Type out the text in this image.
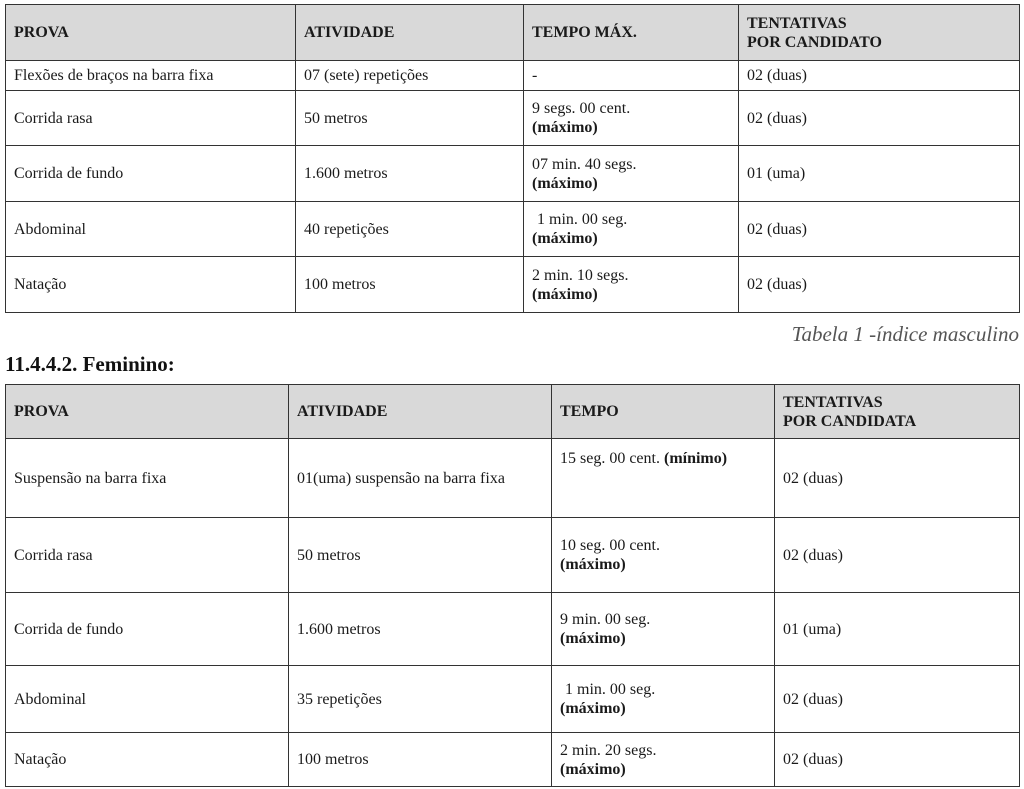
PROVA	ATIVIDADE	TEMPO MÁX.	TENTATIVAS
POR CANDIDATO

Flexões de braços na barra fixa	07 (sete) repetições	-	02 (duas)
Corrida rasa	50 metros	9 segs. 00 cent.
(máximo)	02 (duas)
Corrida de fundo	1.600 metros	07 min. 40 segs.
(máximo)	01 (uma)
Abdominal	40 repetições	1 min. 00 seg.
(máximo)	02 (duas)
Natação	100 metros	2 min. 10 segs.
(máximo)	02 (duas)
Tabela 1 -índice masculino
11.4.4.2. Feminino:
PROVA	ATIVIDADE	TEMPO	TENTATIVAS
POR CANDIDATA

Suspensão na barra fixa	01(uma) suspensão na barra fixa	15 seg. 00 cent. (mínimo)	02 (duas)
Corrida rasa	50 metros	10 seg. 00 cent.
(máximo)	02 (duas)
Corrida de fundo	1.600 metros	9 min. 00 seg.
(máximo)	01 (uma)
Abdominal	35 repetições	1 min. 00 seg.
(máximo)	02 (duas)
Natação	100 metros	2 min. 20 segs.
(máximo)	02 (duas)
